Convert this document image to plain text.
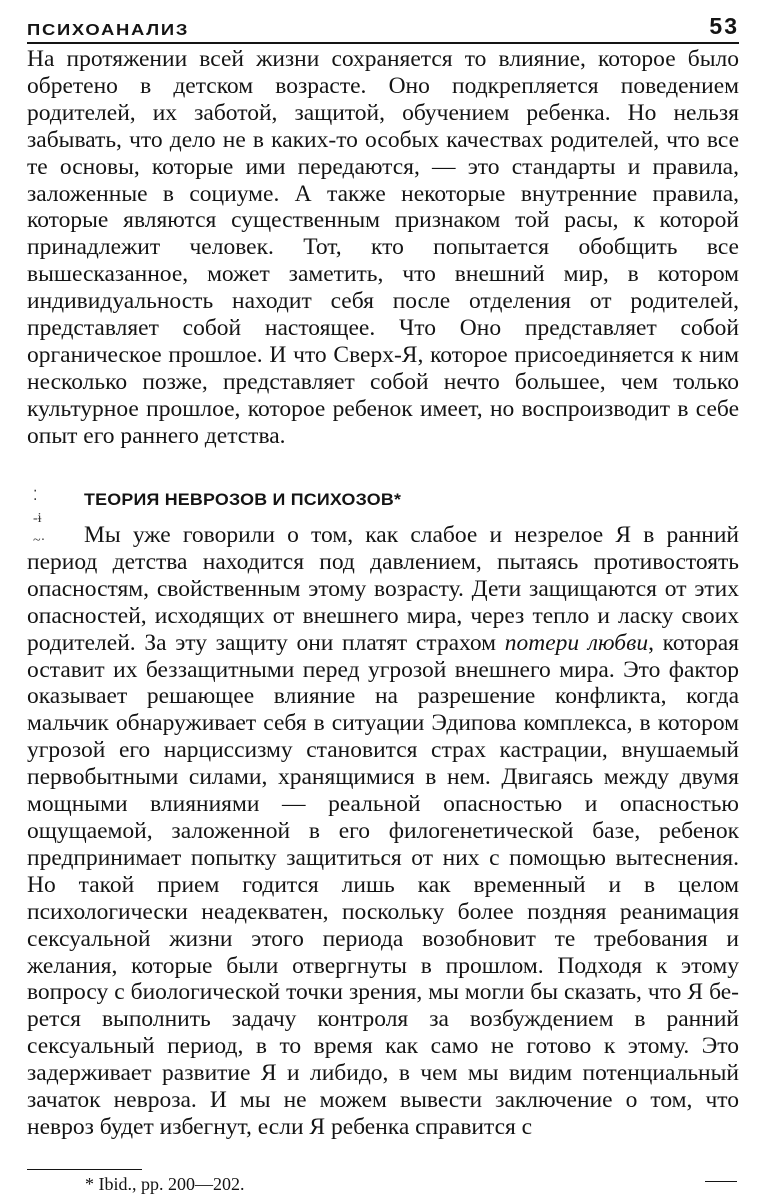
ПСИХОАНАЛИЗ	53

На протяжении всей жизни сохраняется то влияние, которое было обретено в детском возрасте. Оно подкрепляется поведением родителей, их заботой, защитой, обучением ребенка. Но нельзя забывать, что дело не в каких-то особых качествах родителей, что все те основы, которые ими передаются, — это стандарты и правила, заложенные в социуме. А также некоторые внутренние правила, которые являются существенным признаком той расы, к которой принадлежит человек. Тот, кто попытается обобщить все вышесказанное, может заметить, что внешний мир, в котором индивидуальность находит себя после отделения от родителей, представляет собой настоящее. Что Оно представляет собой органическое прошлое. И что Сверх-Я, которое присоединяется к ним несколько позже, представляет собой нечто большее, чем только культурное прошлое, которое ребенок имеет, но воспроизводит в себе опыт его раннего детства.

⁚
-ɨ
~·
ТЕОРИЯ НЕВРОЗОВ И ПСИХОЗОВ*

Мы уже говорили о том, как слабое и незрелое Я в ранний период детства находится под давлением, пытаясь противостоять опасностям, свойственным этому возрасту. Дети защищаются от этих опасностей, исходящих от внешнего мира, через тепло и ласку своих родителей. За эту защиту они платят страхом потери любви, которая оставит их беззащитными перед угрозой внешнего мира. Это фактор оказывает решающее влияние на разрешение конфликта, когда мальчик обнаруживает себя в ситуации Эдипова комплекса, в котором угрозой его нарциссизму становится страх кастрации, внушаемый первобытными силами, хранящимися в нем. Двигаясь между двумя мощными влияниями — реальной опасностью и опасностью ощущаемой, заложенной в его филогенетической базе, ребенок предпринимает попытку защититься от них с помощью вытеснения. Но такой прием годится лишь как временный и в целом психологически неадекватен, поскольку более поздняя реанимация сексуальной жизни этого периода возобновит те требования и желания, которые были отвергнуты в прошлом. Подходя к этому вопросу с биологической точки зрения, мы могли бы сказать, что Я берется выполнить задачу контроля за возбуждением в ранний сексуальный период, в то время как само не готово к этому. Это задерживает развитие Я и либидо, в чем мы видим потенциальный зачаток невроза. И мы не можем вывести заключение о том, что невроз будет избегнут, если Я ребенка справится с

* Ibid., pp. 200—202.
